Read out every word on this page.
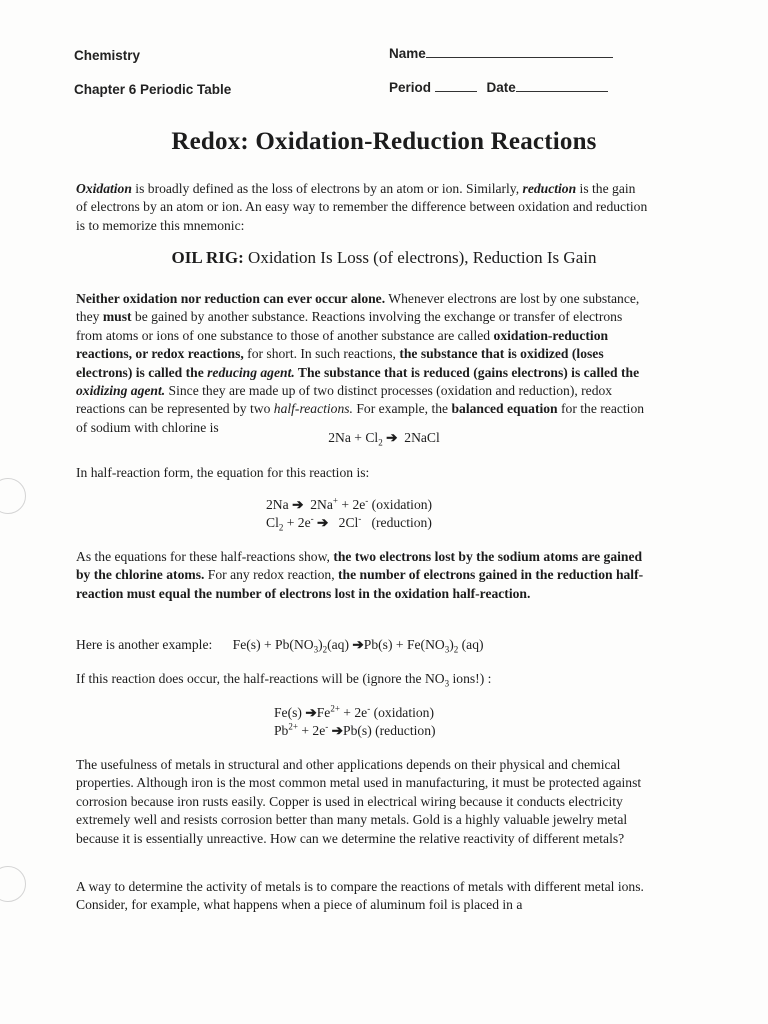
Chemistry
Chapter 6 Periodic Table
Name
Period	Date
Redox: Oxidation-Reduction Reactions

Oxidation is broadly defined as the loss of electrons by an atom or ion. Similarly, reduction is the gain of electrons by an atom or ion. An easy way to remember the difference between oxidation and reduction is to memorize this mnemonic:

OIL RIG: Oxidation Is Loss (of electrons), Reduction Is Gain

Neither oxidation nor reduction can ever occur alone. Whenever electrons are lost by one substance, they must be gained by another substance. Reactions involving the exchange or transfer of electrons from atoms or ions of one substance to those of another substance are called oxidation-reduction reactions, or redox reactions, for short. In such reactions, the substance that is oxidized (loses electrons) is called the reducing agent. The substance that is reduced (gains electrons) is called the oxidizing agent. Since they are made up of two distinct processes (oxidation and reduction), redox reactions can be represented by two half-reactions. For example, the balanced equation for the reaction of sodium with chlorine is

$2Na + Cl_2$ ➔ 2NaCl

In half-reaction form, the equation for this reaction is:

2Na ➔ 2Na+ + 2e- (oxidation)
$Cl_2 + 2e^-$ ➔ 2Cl- (reduction)

As the equations for these half-reactions show, the two electrons lost by the sodium atoms are gained by the chlorine atoms. For any redox reaction, the number of electrons gained in the reduction half-reaction must equal the number of electrons lost in the oxidation half-reaction.

Here is another example: $Fe(s) + Pb(NO_3)_2(aq)$ ➔Pb(s) + $Fe(NO_3)_2$ (aq)

If this reaction does occur, the half-reactions will be (ignore the $NO_3$ ions!) :

Fe(s) $➔Fe^{2+} + 2e^-$ (oxidation)
$Pb^{2+} + 2e^-$ ➔Pb(s) (reduction)

The usefulness of metals in structural and other applications depends on their physical and chemical properties. Although iron is the most common metal used in manufacturing, it must be protected against corrosion because iron rusts easily. Copper is used in electrical wiring because it conducts electricity extremely well and resists corrosion better than many metals. Gold is a highly valuable jewelry metal because it is essentially unreactive. How can we determine the relative reactivity of different metals?

A way to determine the activity of metals is to compare the reactions of metals with different metal ions. Consider, for example, what happens when a piece of aluminum foil is placed in a
